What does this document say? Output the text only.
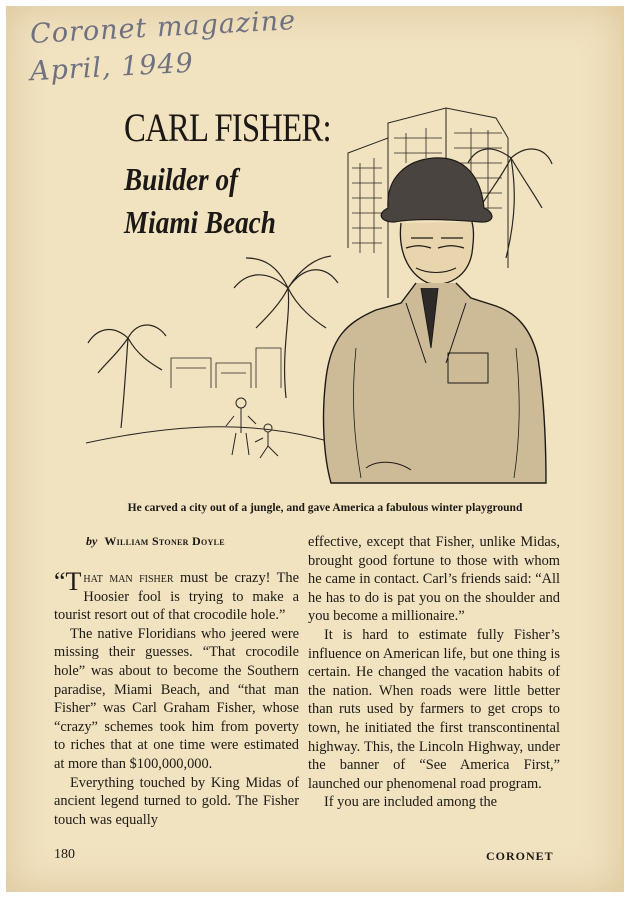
Coronet magazine
April, 1949
CARL FISHER:
Builder of
Miami Beach
He carved a city out of a jungle, and gave America a fabulous winter playground
by William Stoner Doyle

“That man fisher must be crazy! The Hoosier fool is trying to make a tourist resort out of that crocodile hole.”

The native Floridians who jeered were missing their guesses. “That crocodile hole” was about to become the Southern paradise, Miami Beach, and “that man Fisher” was Carl Graham Fisher, whose “crazy” schemes took him from poverty to riches that at one time were estimated at more than $100,000,000.

Everything touched by King Midas of ancient legend turned to gold. The Fisher touch was equally

effective, except that Fisher, unlike Midas, brought good fortune to those with whom he came in contact. Carl’s friends said: “All he has to do is pat you on the shoulder and you become a millionaire.”

It is hard to estimate fully Fisher’s influence on American life, but one thing is certain. He changed the vacation habits of the nation. When roads were little better than ruts used by farmers to get crops to town, he initiated the first transcontinental highway. This, the Lincoln Highway, under the banner of “See America First,” launched our phenomenal road program.

If you are included among the

180	CORONET
